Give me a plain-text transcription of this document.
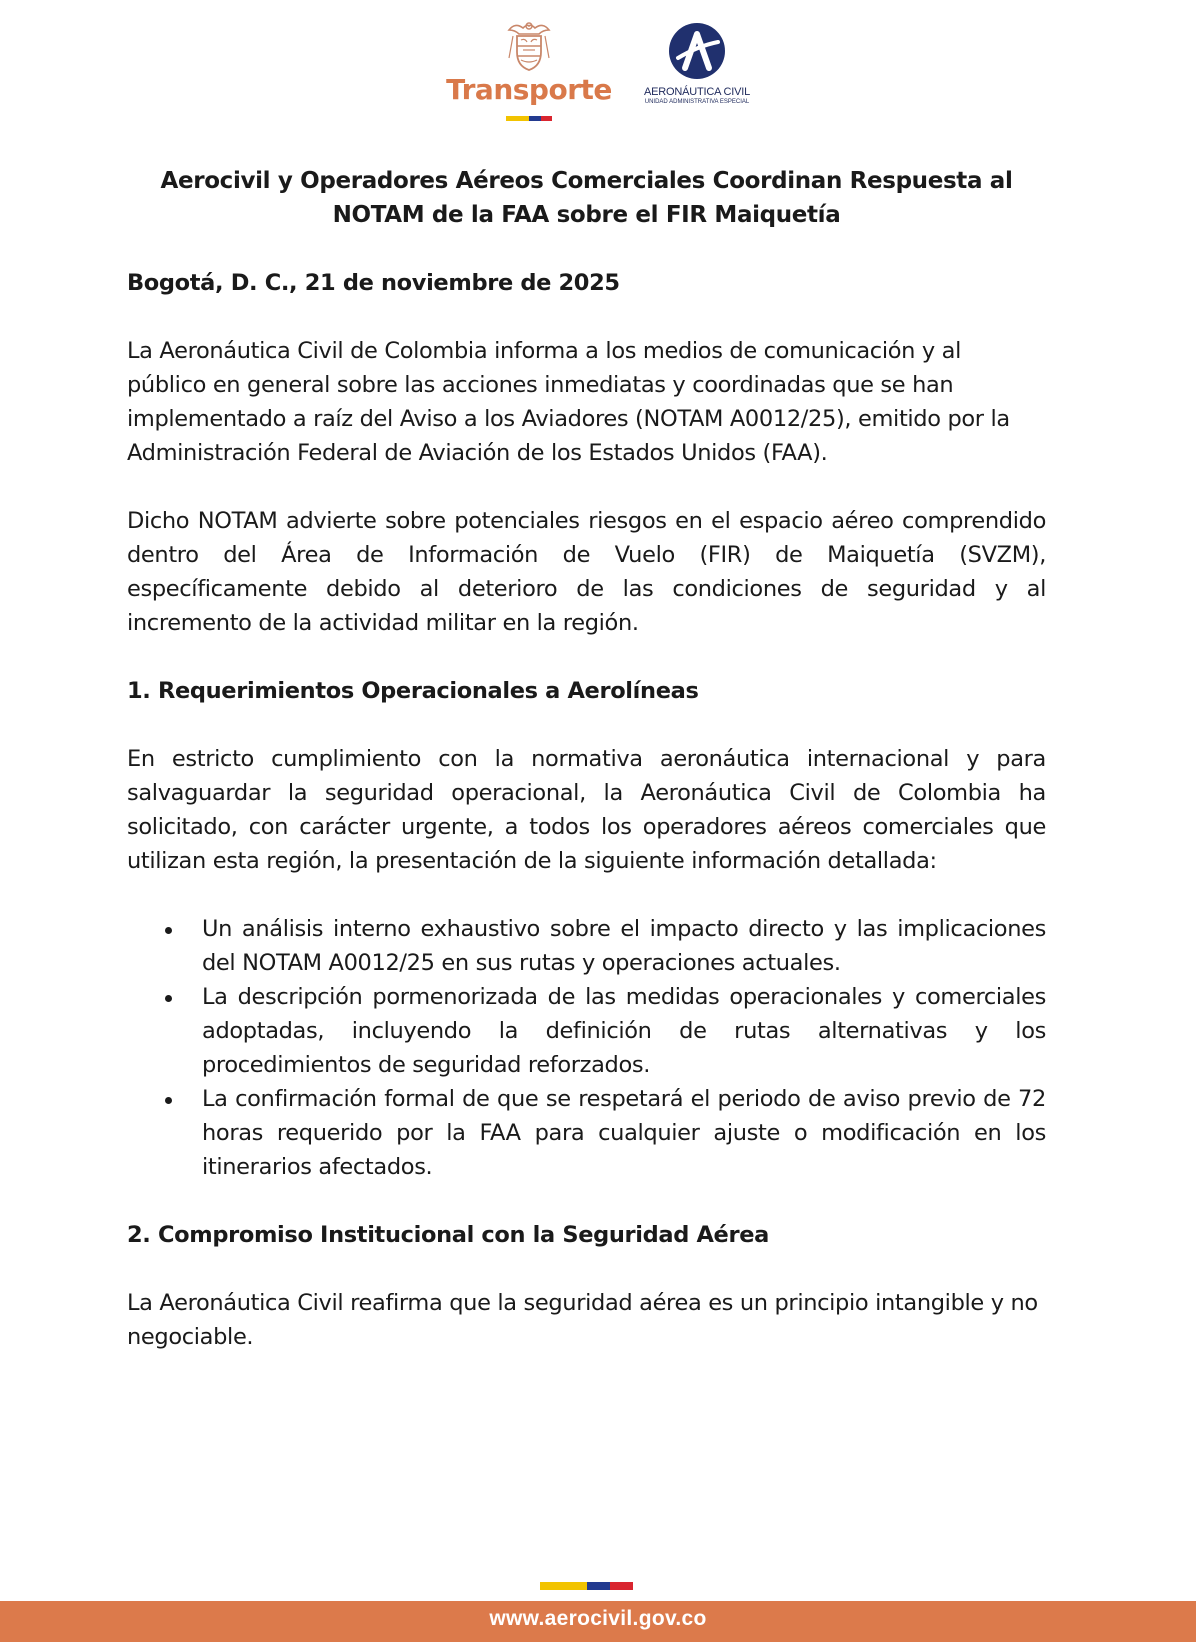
Transporte	AERONÁUTICA CIVIL
UNIDAD ADMINISTRATIVA ESPECIAL
Aerocivil y Operadores Aéreos Comerciales Coordinan Respuesta al NOTAM de la FAA sobre el FIR Maiquetía
Bogotá, D. C., 21 de noviembre de 2025
La Aeronáutica Civil de Colombia informa a los medios de comunicación y al público en general sobre las acciones inmediatas y coordinadas que se han implementado a raíz del Aviso a los Aviadores (NOTAM A0012/25), emitido por la Administración Federal de Aviación de los Estados Unidos (FAA).
Dicho NOTAM advierte sobre potenciales riesgos en el espacio aéreo comprendido dentro del Área de Información de Vuelo (FIR) de Maiquetía (SVZM), específicamente debido al deterioro de las condiciones de seguridad y al incremento de la actividad militar en la región.
1. Requerimientos Operacionales a Aerolíneas
En estricto cumplimiento con la normativa aeronáutica internacional y para salvaguardar la seguridad operacional, la Aeronáutica Civil de Colombia ha solicitado, con carácter urgente, a todos los operadores aéreos comerciales que utilizan esta región, la presentación de la siguiente información detallada:
Un análisis interno exhaustivo sobre el impacto directo y las implicaciones del NOTAM A0012/25 en sus rutas y operaciones actuales.
La descripción pormenorizada de las medidas operacionales y comerciales adoptadas, incluyendo la definición de rutas alternativas y los procedimientos de seguridad reforzados.
La confirmación formal de que se respetará el periodo de aviso previo de 72 horas requerido por la FAA para cualquier ajuste o modificación en los itinerarios afectados.
2. Compromiso Institucional con la Seguridad Aérea
La Aeronáutica Civil reafirma que la seguridad aérea es un principio intangible y no negociable.
www.aerocivil.gov.co
